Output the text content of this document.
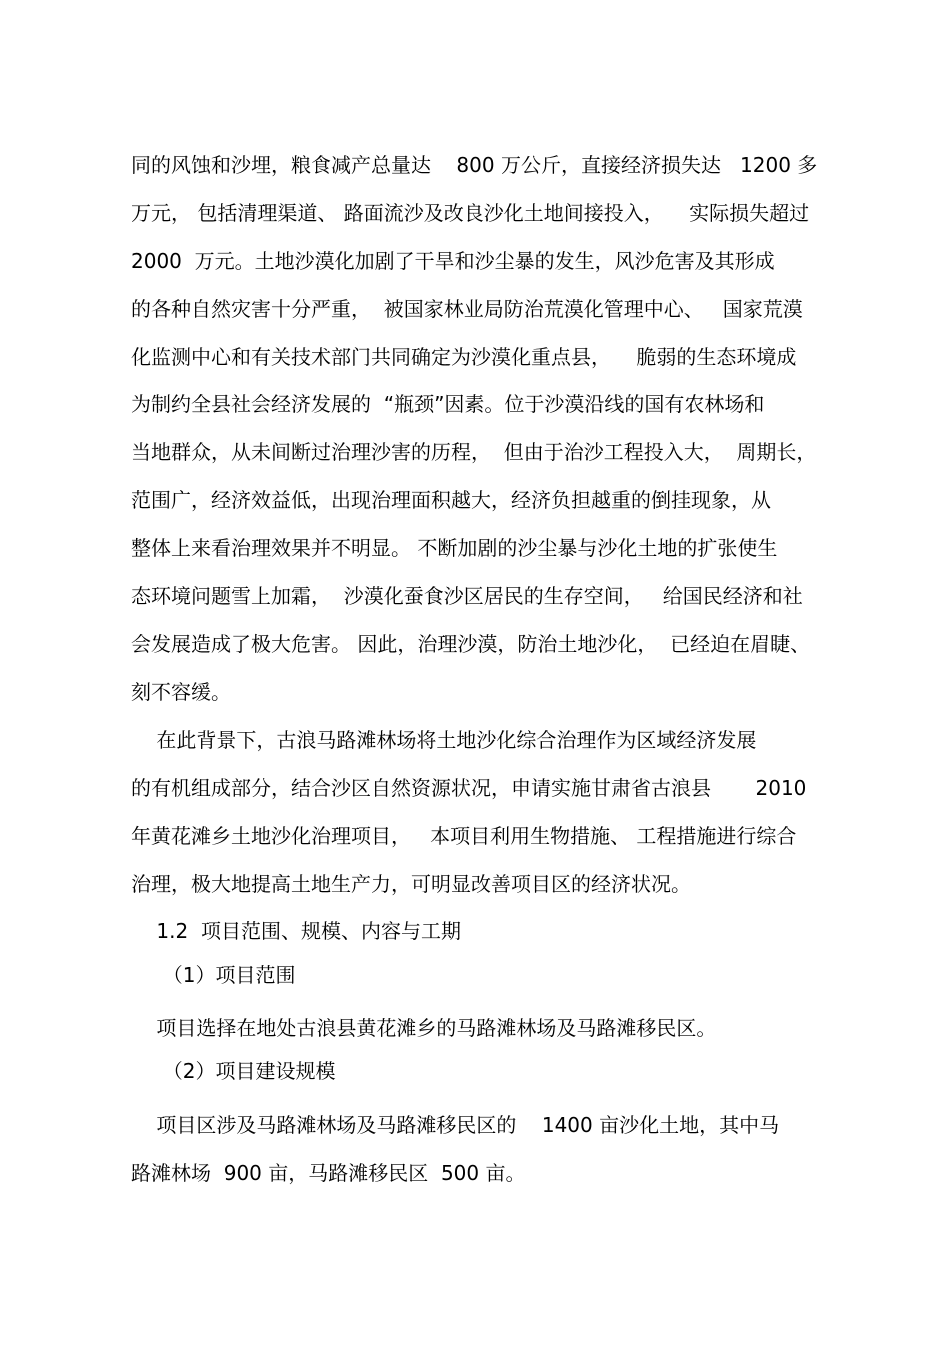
同的风蚀和沙埋，粮食减产总量达    800 万公斤，直接经济损失达   1200 多
万元， 包括清理渠道、 路面流沙及改良沙化土地间接投入，    实际损失超过
2000  万元。土地沙漠化加剧了干旱和沙尘暴的发生，风沙危害及其形成
的各种自然灾害十分严重，  被国家林业局防治荒漠化管理中心、   国家荒漠
化监测中心和有关技术部门共同确定为沙漠化重点县，    脆弱的生态环境成
为制约全县社会经济发展的  “瓶颈”因素。位于沙漠沿线的国有农林场和
当地群众，从未间断过治理沙害的历程，  但由于治沙工程投入大，  周期长，
范围广，经济效益低，出现治理面积越大，经济负担越重的倒挂现象，从
整体上来看治理效果并不明显。 不断加剧的沙尘暴与沙化土地的扩张使生
态环境问题雪上加霜，  沙漠化蚕食沙区居民的生存空间，   给国民经济和社
会发展造成了极大危害。 因此，治理沙漠，防治土地沙化，  已经迫在眉睫、
刻不容缓。
在此背景下，古浪马路滩林场将土地沙化综合治理作为区域经济发展
的有机组成部分，结合沙区自然资源状况，申请实施甘肃省古浪县       2010
年黄花滩乡土地沙化治理项目，   本项目利用生物措施、 工程措施进行综合
治理，极大地提高土地生产力，可明显改善项目区的经济状况。
1.2  项目范围、规模、内容与工期
（1）项目范围
项目选择在地处古浪县黄花滩乡的马路滩林场及马路滩移民区。
（2）项目建设规模
项目区涉及马路滩林场及马路滩移民区的    1400 亩沙化土地，其中马
路滩林场  900 亩，马路滩移民区  500 亩。
